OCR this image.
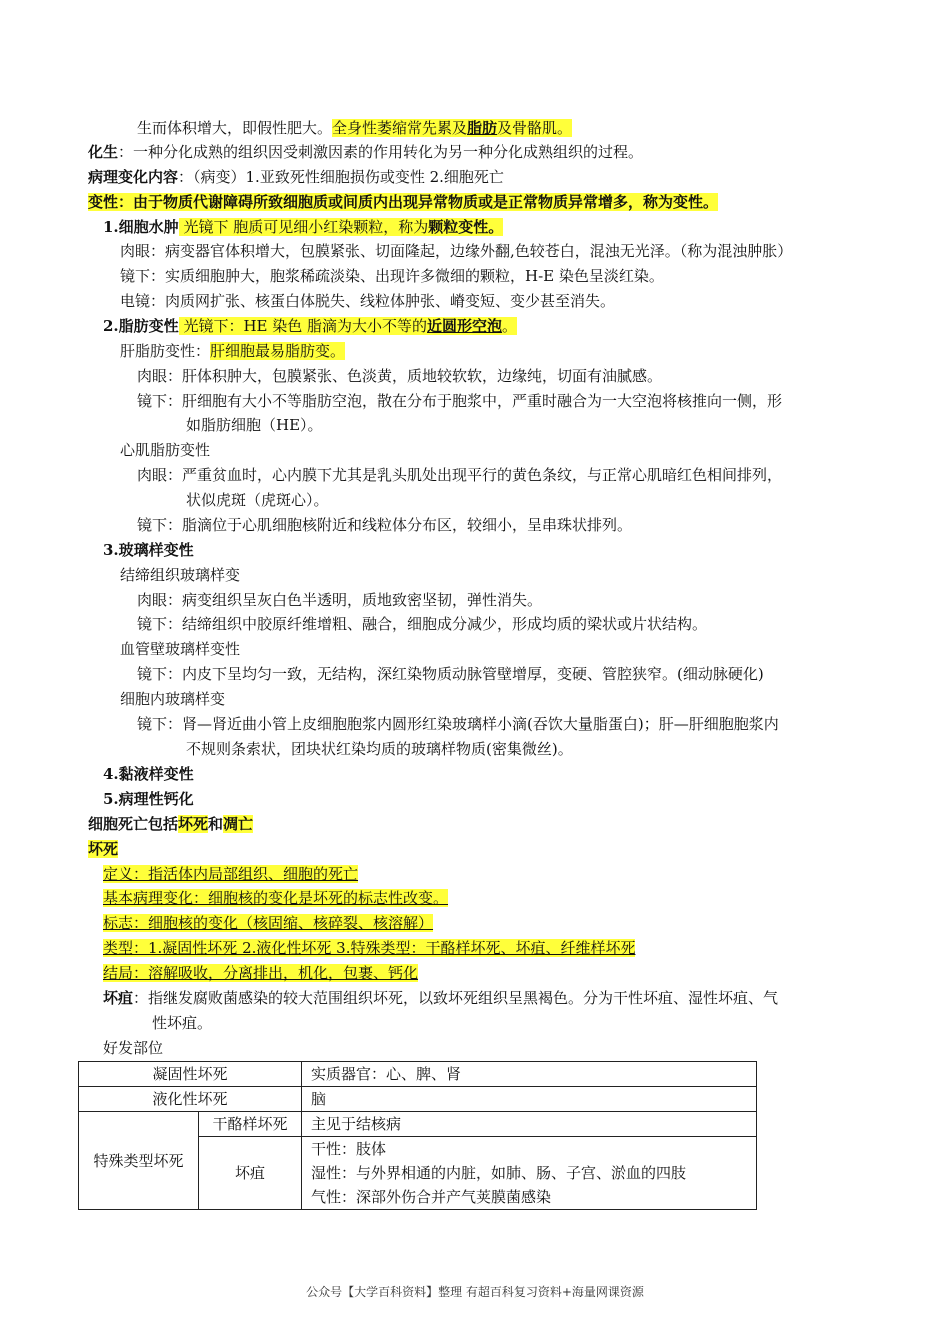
生而体积增大，即假性肥大。全身性萎缩常先累及脂肪及骨骼肌。
化生：一种分化成熟的组织因受刺激因素的作用转化为另一种分化成熟组织的过程。
病理变化内容：（病变）1.亚致死性细胞损伤或变性 2.细胞死亡
变性：由于物质代谢障碍所致细胞质或间质内出现异常物质或是正常物质异常增多，称为变性。
1.细胞水肿 光镜下 胞质可见细小红染颗粒，称为颗粒变性。
肉眼：病变器官体积增大，包膜紧张、切面隆起，边缘外翻,色较苍白，混浊无光泽。（称为混浊肿胀）
镜下：实质细胞肿大，胞浆稀疏淡染、出现许多微细的颗粒，H-E 染色呈淡红染。
电镜：肉质网扩张、核蛋白体脱失、线粒体肿张、嵴变短、变少甚至消失。
2.脂肪变性 光镜下：HE 染色 脂滴为大小不等的近圆形空泡。
肝脂肪变性：肝细胞最易脂肪变。
肉眼：肝体积肿大，包膜紧张、色淡黄，质地较软软，边缘纯，切面有油腻感。
镜下：肝细胞有大小不等脂肪空泡，散在分布于胞浆中，严重时融合为一大空泡将核推向一侧，形
如脂肪细胞（HE）。
心肌脂肪变性
肉眼：严重贫血时，心内膜下尤其是乳头肌处出现平行的黄色条纹，与正常心肌暗红色相间排列，
状似虎斑（虎斑心）。
镜下：脂滴位于心肌细胞核附近和线粒体分布区，较细小，呈串珠状排列。
3.玻璃样变性
结缔组织玻璃样变
肉眼：病变组织呈灰白色半透明，质地致密坚韧，弹性消失。
镜下：结缔组织中胶原纤维增粗、融合，细胞成分减少，形成均质的梁状或片状结构。
血管壁玻璃样变性
镜下：内皮下呈均匀一致，无结构，深红染物质动脉管壁增厚，变硬、管腔狭窄。(细动脉硬化)
细胞内玻璃样变
镜下：肾—肾近曲小管上皮细胞胞浆内圆形红染玻璃样小滴(吞饮大量脂蛋白)；肝—肝细胞胞浆内
不规则条索状，团块状红染均质的玻璃样物质(密集微丝)。
4.黏液样变性
5.病理性钙化
细胞死亡包括坏死和凋亡
坏死
定义：指活体内局部组织、细胞的死亡
基本病理变化：细胞核的变化是坏死的标志性改变。
标志：细胞核的变化（核固缩、核碎裂、核溶解）
类型：1.凝固性坏死 2.液化性坏死 3.特殊类型：干酪样坏死、坏疽、纤维样坏死
结局：溶解吸收，分离排出，机化，包裹、钙化
坏疽：指继发腐败菌感染的较大范围组织坏死，以致坏死组织呈黑褐色。分为干性坏疽、湿性坏疽、气
性坏疽。
好发部位
凝固性坏死		实质器官：心、脾、肾
液化性坏死		脑
特殊类型坏死	干酪样坏死	主见于结核病
	坏疽	干性：肢体
湿性：与外界相通的内脏，如肺、肠、子宫、淤血的四肢
气性：深部外伤合并产气荚膜菌感染
公众号【大学百科资料】整理 有超百科复习资料+海量网课资源
